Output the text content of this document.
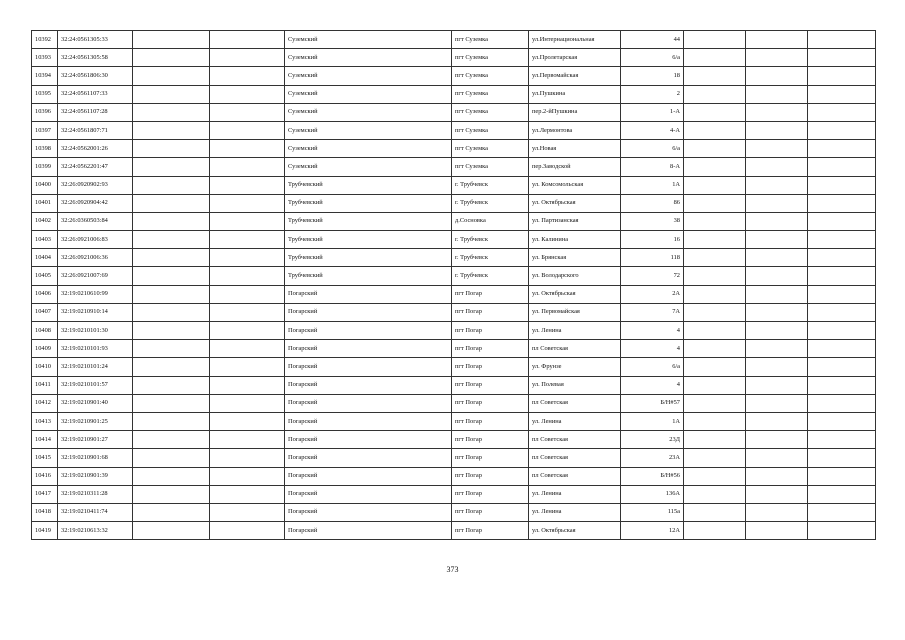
10392	32:24:0561305:33			Суземский	пгт Суземка	ул.Интернациональная	44			
10393	32:24:0561305:58			Суземский	пгт Суземка	ул.Пролетарская	6/а			
10394	32:24:0561806:30			Суземский	пгт Суземка	ул.Первомайская	18			
10395	32:24:0561107:33			Суземский	пгт Суземка	ул.Пушкина	2			
10396	32:24:0561107:28			Суземский	пгт Суземка	пер.2-йПушкина	1-А			
10397	32:24:0561807:71			Суземский	пгт Суземка	ул.Лермонтова	4-А			
10398	32:24:0562001:26			Суземский	пгт Суземка	ул.Новая	6/а			
10399	32:24:0562201:47			Суземский	пгт Суземка	пер.Заводской	8-А			
10400	32:26:0920902:93			Трубчевский	г. Трубчевск	ул. Комсомольская	1А			
10401	32:26:0920904:42			Трубчевский	г. Трубчевск	ул. Октябрьская	86			
10402	32:26:0360503:84			Трубчевский	д.Сосновка	ул. Партизанская	38			
10403	32:26:0921006:83			Трубчевский	г. Трубчевск	ул. Калинина	16			
10404	32:26:0921006:36			Трубчевский	г. Трубчевск	ул. Брянская	118			
10405	32:26:0921007:69			Трубчевский	г. Трубчевск	ул. Володарского	72			
10406	32:19:0210610:99			Погарский	пгт Погар	ул. Октябрьская	2А			
10407	32:19:0210910:14			Погарский	пгт Погар	ул. Первомайская	7А			
10408	32:19:0210101:30			Погарский	пгт Погар	ул. Ленина	4			
10409	32:19:0210101:93			Погарский	пгт Погар	пл Советская	4			
10410	32:19:0210101:24			Погарский	пгт Погар	ул. Фрунзе	6/а			
10411	32:19:0210101:57			Погарский	пгт Погар	ул. Полевая	4			
10412	32:19:0210901:40			Погарский	пгт Погар	пл Советская	Б/Н#57			
10413	32:19:0210901:25			Погарский	пгт Погар	ул. Ленина	1А			
10414	32:19:0210901:27			Погарский	пгт Погар	пл Советская	23Д			
10415	32:19:0210901:68			Погарский	пгт Погар	пл Советская	23А			
10416	32:19:0210901:39			Погарский	пгт Погар	пл Советская	Б/Н#56			
10417	32:19:0210311:28			Погарский	пгт Погар	ул. Ленина	136А			
10418	32:19:0210411:74			Погарский	пгт Погар	ул. Ленина	115а			
10419	32:19:0210613:32			Погарский	пгт Погар	ул. Октябрьская	12А			
373
